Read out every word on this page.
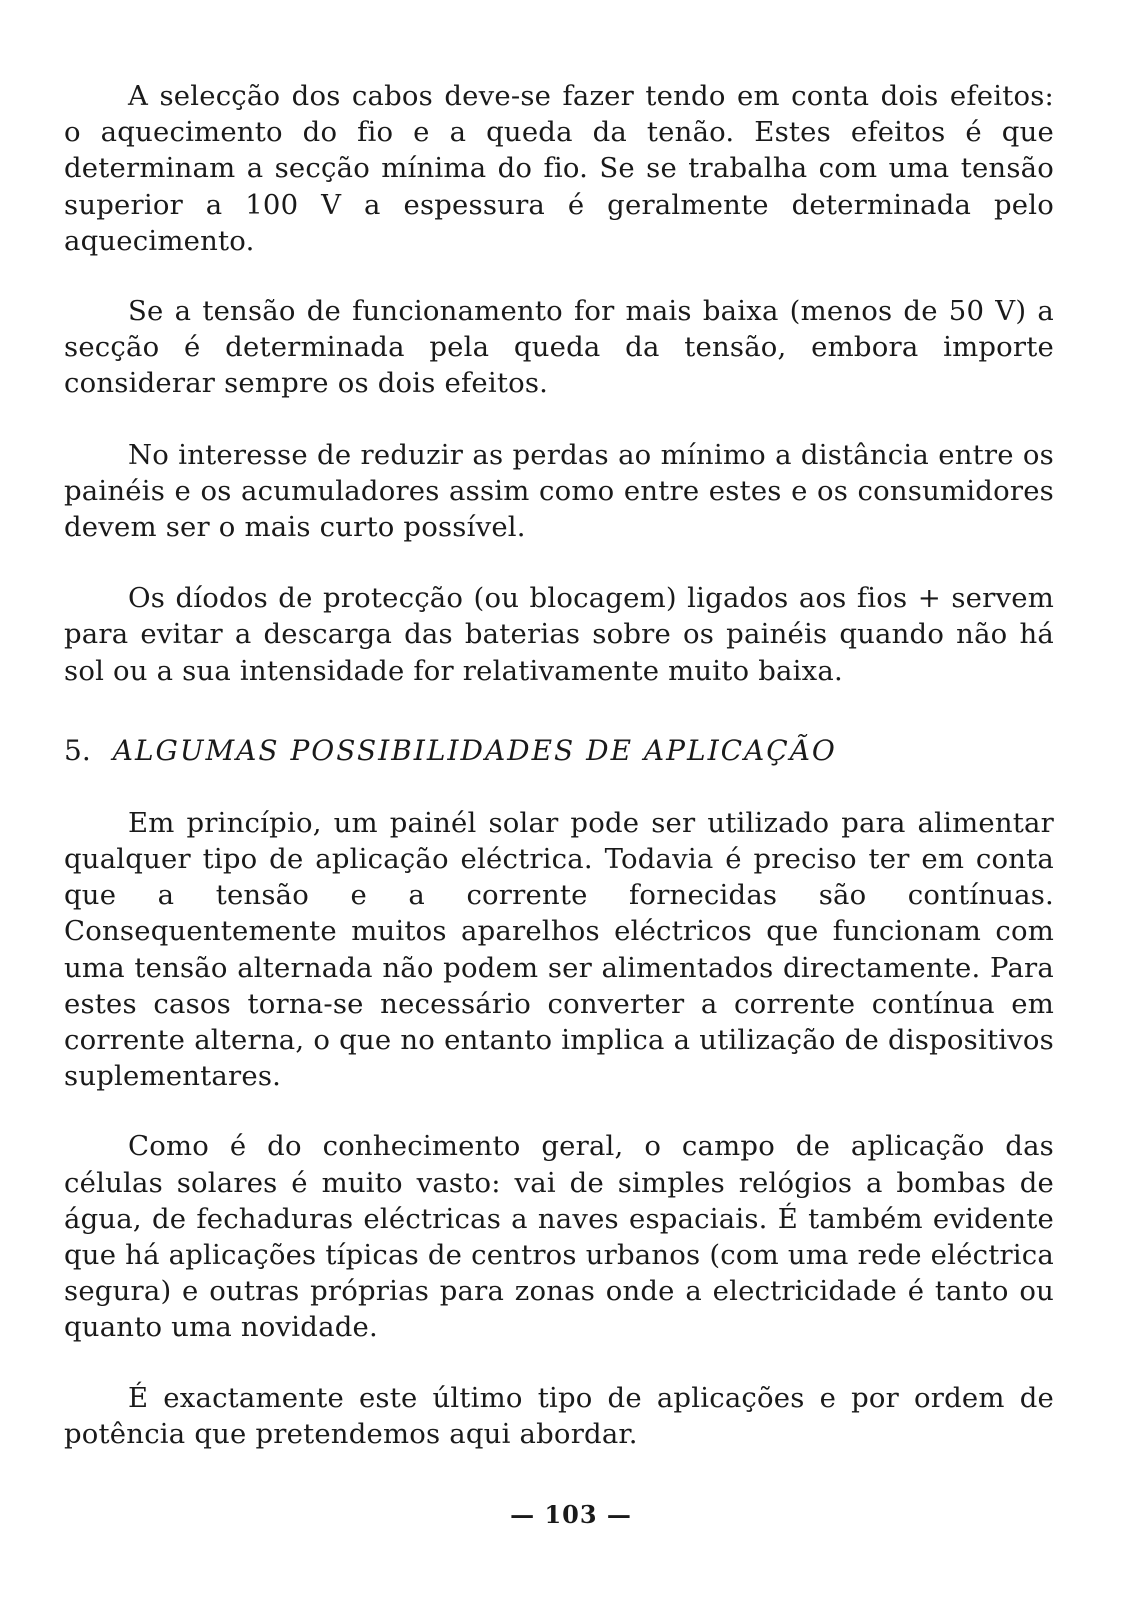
A selecção dos cabos deve-se fazer tendo em conta dois efeitos: o aquecimento do fio e a queda da tenão. Estes efeitos é que determinam a secção mínima do fio. Se se trabalha com uma tensão superior a 100 V a espessura é geralmente determinada pelo aquecimento.

Se a tensão de funcionamento for mais baixa (menos de 50 V) a secção é determinada pela queda da tensão, embora importe considerar sempre os dois efeitos.

No interesse de reduzir as perdas ao mínimo a distância entre os painéis e os acumuladores assim como entre estes e os consumidores devem ser o mais curto possível.

Os díodos de protecção (ou blocagem) ligados aos fios + servem para evitar a descarga das baterias sobre os painéis quando não há sol ou a sua intensidade for relativamente muito baixa.

5. ALGUMAS POSSIBILIDADES DE APLICAÇÃO

Em princípio, um painél solar pode ser utilizado para alimentar qualquer tipo de aplicação eléctrica. Todavia é preciso ter em conta que a tensão e a corrente fornecidas são contínuas. Consequentemente muitos aparelhos eléctricos que funcionam com uma tensão alternada não podem ser alimentados directamente. Para estes casos torna-se necessário converter a corrente contínua em corrente alterna, o que no entanto implica a utilização de dispositivos suplementares.

Como é do conhecimento geral, o campo de aplicação das células solares é muito vasto: vai de simples relógios a bombas de água, de fechaduras eléctricas a naves espaciais. É também evidente que há aplicações típicas de centros urbanos (com uma rede eléctrica segura) e outras próprias para zonas onde a electricidade é tanto ou quanto uma novidade.

É exactamente este último tipo de aplicações e por ordem de potência que pretendemos aqui abordar.

— 103 —
